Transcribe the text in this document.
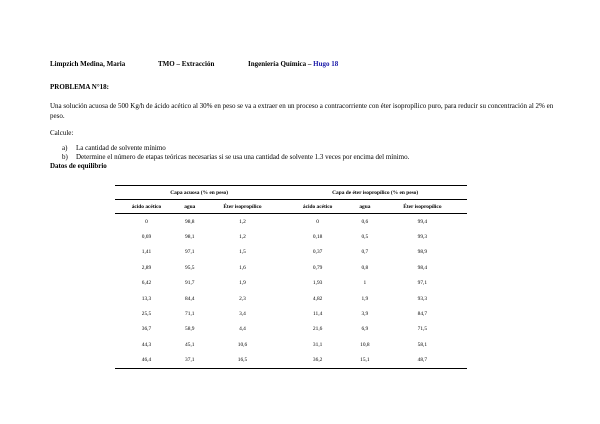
Limpzich Medina, Maria	TMO – Extracción	Ingeniería Química – Hugo 18
PROBLEMA N°18:
Una solución acuosa de 500 Kg/h de ácido acético al 30% en peso se va a extraer en un proceso a contracorriente con éter isopropílico puro, para reducir su concentración al 2% en peso.
Calcule:
a) La cantidad de solvente mínimo
b) Determine el número de etapas teóricas necesarias si se usa una cantidad de solvente 1.3 veces por encima del mínimo.
Datos de equilibrio
Capa acuosa (% en peso)			Capa de éter isopropílico (% en peso)		
ácido acético	agua	Éter isopropílico	ácido acético	agua	Éter isopropílico
0	98,8	1,2	0	0,6	99,4
0,69	98,1	1,2	0,18	0,5	99,3
1,41	97,1	1,5	0,37	0,7	98,9
2,89	95,5	1,6	0,79	0,8	98,4
6,42	91,7	1,9	1,93	1	97,1
13,3	84,4	2,3	4,82	1,9	93,3
25,5	71,1	3,4	11,4	3,9	84,7
36,7	58,9	4,4	21,6	6,9	71,5
44,3	45,1	10,6	31,1	10,8	58,1
46,4	37,1	16,5	36,2	15,1	48,7
